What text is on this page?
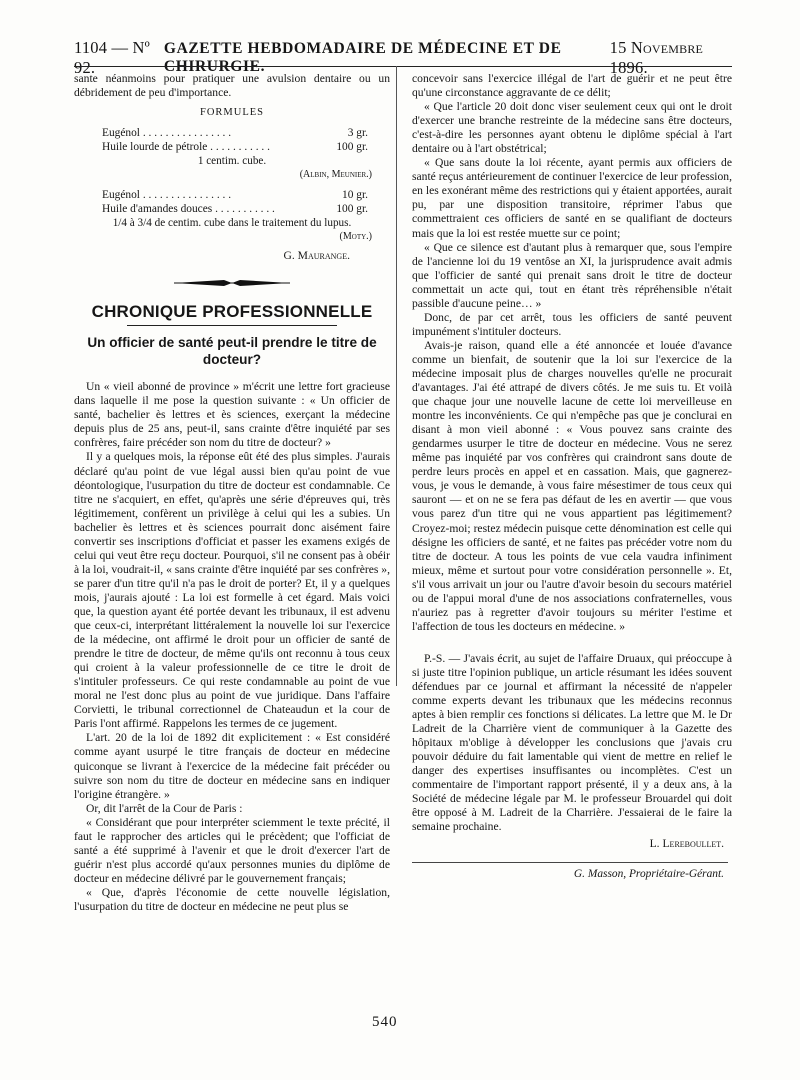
1104 — Nº 92.
GAZETTE HEBDOMADAIRE DE MÉDECINE ET DE CHIRURGIE.
15 Novembre 1896.

sante néanmoins pour pratiquer une avulsion dentaire ou un débridement de peu d'importance.

FORMULES
Eugénol . . . . . . . . . . . . . . . .	3 gr.
Huile lourde de pétrole . . . . . . . . . . .	100 gr.
1 centim. cube.
(Albin, Meunier.)
Eugénol . . . . . . . . . . . . . . . .	10 gr.
Huile d'amandes douces . . . . . . . . . . .	100 gr.
1/4 à 3/4 de centim. cube dans le traitement du lupus.
(Moty.)
G. Maurange.
CHRONIQUE PROFESSIONNELLE
Un officier de santé peut-il prendre le titre de docteur?

Un « vieil abonné de province » m'écrit une lettre fort gracieuse dans laquelle il me pose la question suivante : « Un officier de santé, bachelier ès lettres et ès sciences, exerçant la médecine depuis plus de 25 ans, peut-il, sans crainte d'être inquiété par ses confrères, faire précéder son nom du titre de docteur? »

Il y a quelques mois, la réponse eût été des plus simples. J'aurais déclaré qu'au point de vue légal aussi bien qu'au point de vue déontologique, l'usurpation du titre de docteur est condamnable. Ce titre ne s'acquiert, en effet, qu'après une série d'épreuves qui, très légitimement, confèrent un privilège à celui qui les a subies. Un bachelier ès lettres et ès sciences pourrait donc aisément faire convertir ses inscriptions d'officiat et passer les examens exigés de celui qui veut être reçu docteur. Pourquoi, s'il ne consent pas à obéir à la loi, voudrait-il, « sans crainte d'être inquiété par ses confrères », se parer d'un titre qu'il n'a pas le droit de porter? Et, il y a quelques mois, j'aurais ajouté : La loi est formelle à cet égard. Mais voici que, la question ayant été portée devant les tribunaux, il est advenu que ceux-ci, interprétant littéralement la nouvelle loi sur l'exercice de la médecine, ont affirmé le droit pour un officier de santé de prendre le titre de docteur, de même qu'ils ont reconnu à tous ceux qui croient à la valeur professionnelle de ce titre le droit de s'intituler professeurs. Ce qui reste condamnable au point de vue moral ne l'est donc plus au point de vue juridique. Dans l'affaire Corvietti, le tribunal correctionnel de Chateaudun et la cour de Paris l'ont affirmé. Rappelons les termes de ce jugement.

L'art. 20 de la loi de 1892 dit explicitement : « Est considéré comme ayant usurpé le titre français de docteur en médecine quiconque se livrant à l'exercice de la médecine fait précéder ou suivre son nom du titre de docteur en médecine sans en indiquer l'origine étrangère. »

Or, dit l'arrêt de la Cour de Paris :

« Considérant que pour interpréter sciemment le texte précité, il faut le rapprocher des articles qui le précèdent; que l'officiat de santé a été supprimé à l'avenir et que le droit d'exercer l'art de guérir n'est plus accordé qu'aux personnes munies du diplôme de docteur en médecine délivré par le gouvernement français;

« Que, d'après l'économie de cette nouvelle législation, l'usurpation du titre de docteur en médecine ne peut plus se

concevoir sans l'exercice illégal de l'art de guérir et ne peut être qu'une circonstance aggravante de ce délit;

« Que l'article 20 doit donc viser seulement ceux qui ont le droit d'exercer une branche restreinte de la médecine sans être docteurs, c'est-à-dire les personnes ayant obtenu le diplôme spécial à l'art dentaire ou à l'art obstétrical;

« Que sans doute la loi récente, ayant permis aux officiers de santé reçus antérieurement de continuer l'exercice de leur profession, en les exonérant même des restrictions qui y étaient apportées, aurait pu, par une disposition transitoire, réprimer l'abus que commettraient ces officiers de santé en se qualifiant de docteurs mais que la loi est restée muette sur ce point;

« Que ce silence est d'autant plus à remarquer que, sous l'empire de l'ancienne loi du 19 ventôse an XI, la jurisprudence avait admis que l'officier de santé qui prenait sans droit le titre de docteur commettait un acte qui, tout en étant très répréhensible n'était passible d'aucune peine… »

Donc, de par cet arrêt, tous les officiers de santé peuvent impunément s'intituler docteurs.

Avais-je raison, quand elle a été annoncée et louée d'avance comme un bienfait, de soutenir que la loi sur l'exercice de la médecine imposait plus de charges nouvelles qu'elle ne procurait d'avantages. J'ai été attrapé de divers côtés. Je me suis tu. Et voilà que chaque jour une nouvelle lacune de cette loi merveilleuse en montre les inconvénients. Ce qui n'empêche pas que je conclurai en disant à mon vieil abonné : « Vous pouvez sans crainte des gendarmes usurper le titre de docteur en médecine. Vous ne serez même pas inquiété par vos confrères qui craindront sans doute de perdre leurs procès en appel et en cassation. Mais, que gagnerez-vous, je vous le demande, à vous faire mésestimer de tous ceux qui sauront — et on ne se fera pas défaut de les en avertir — que vous vous parez d'un titre qui ne vous appartient pas légitimement? Croyez-moi; restez médecin puisque cette dénomination est celle qui désigne les officiers de santé, et ne faites pas précéder votre nom du titre de docteur. A tous les points de vue cela vaudra infiniment mieux, même et surtout pour votre considération personnelle ». Et, s'il vous arrivait un jour ou l'autre d'avoir besoin du secours matériel ou de l'appui moral d'une de nos associations confraternelles, vous n'auriez pas à regretter d'avoir toujours su mériter l'estime et l'affection de tous les docteurs en médecine. »

P.-S. — J'avais écrit, au sujet de l'affaire Druaux, qui préoccupe à si juste titre l'opinion publique, un article résumant les idées souvent défendues par ce journal et affirmant la nécessité de n'appeler comme experts devant les tribunaux que les médecins reconnus aptes à bien remplir ces fonctions si délicates. La lettre que M. le Dr Ladreit de la Charrière vient de communiquer à la Gazette des hôpitaux m'oblige à développer les conclusions que j'avais cru pouvoir déduire du fait lamentable qui vient de mettre en relief le danger des expertises insuffisantes ou incomplètes. C'est un commentaire de l'important rapport présenté, il y a deux ans, à la Société de médecine légale par M. le professeur Brouardel qui doit être opposé à M. Ladreit de la Charrière. J'essaierai de le faire la semaine prochaine.

L. Lereboullet.
G. Masson, Propriétaire-Gérant.
540
